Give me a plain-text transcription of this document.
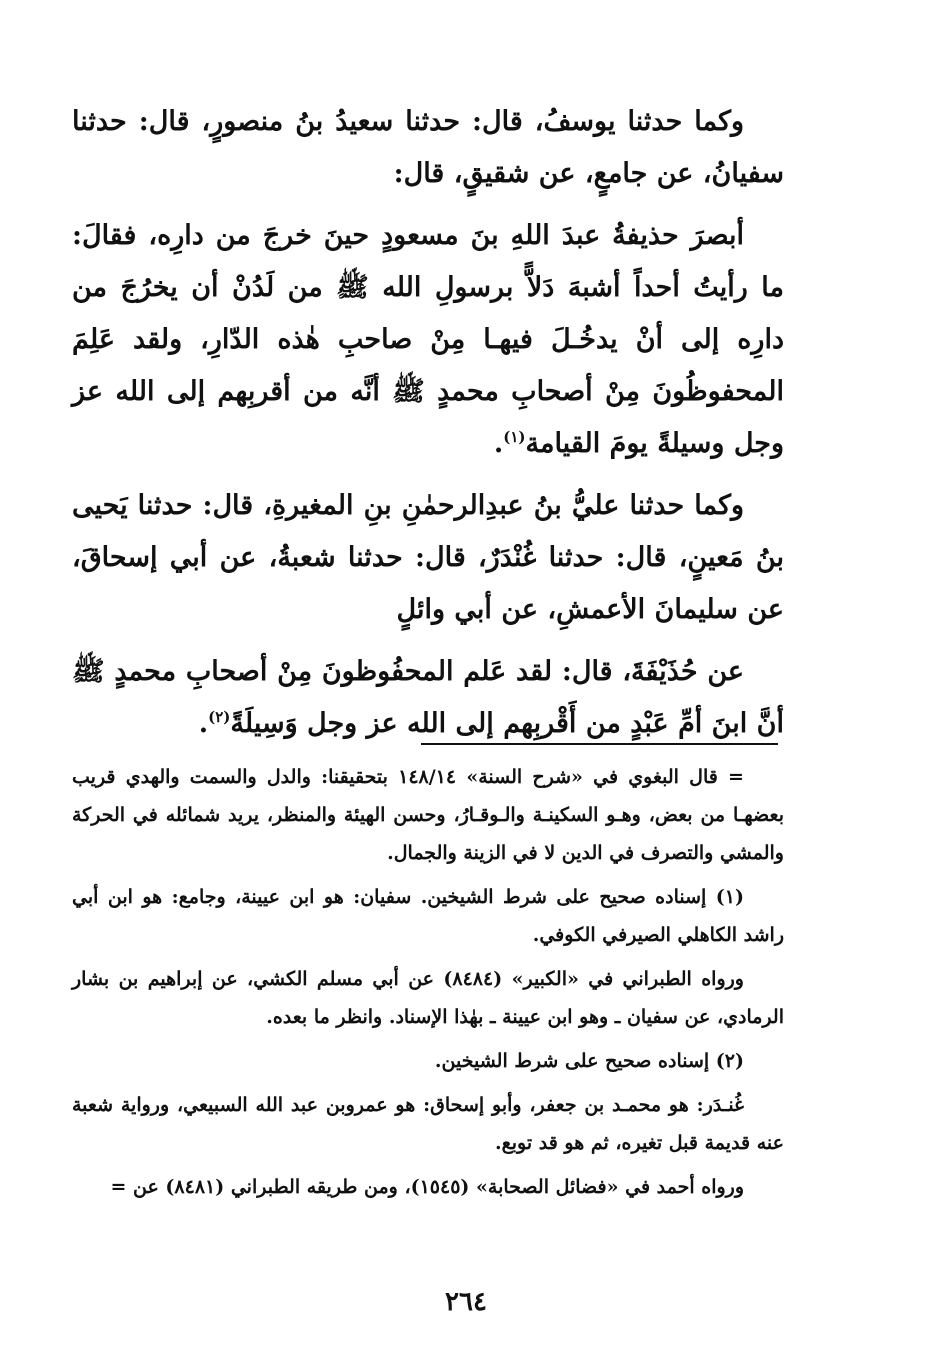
وكما حدثنا يوسفُ، قال: حدثنا سعيدُ بنُ منصورٍ، قال: حدثنا سفيانُ، عن جامعٍ، عن شقيقٍ، قال:

أبصرَ حذيفةُ عبدَ اللهِ بنَ مسعودٍ حينَ خرجَ من دارِه، فقالَ: ما رأيتُ أحداً أشبهَ دَلاًّ برسولِ الله ﷺ من لَدُنْ أن يخرُجَ من دارِه إلى أنْ يدخُـلَ فيهـا مِنْ صاحبِ هٰذه الدّارِ، ولقد عَلِمَ المحفوظُونَ مِنْ أصحابِ محمدٍ ﷺ أنَّه من أقربِهم إلى الله عز وجل وسيلةً يومَ القيامة$^{(١)}$.

وكما حدثنا عليُّ بنُ عبدِالرحمٰنِ بنِ المغيرةِ، قال: حدثنا يَحيى بنُ مَعينٍ، قال: حدثنا غُنْدَرٌ، قال: حدثنا شعبةُ، عن أبي إسحاقَ، عن سليمانَ الأعمشِ، عن أبي وائلٍ

عن حُذَيْفَةَ، قال: لقد عَلم المحفُوظونَ مِنْ أصحابِ محمدٍ ﷺ أنَّ ابنَ أمِّ عَبْدٍ من أَقْربِهم إلى الله عز وجل وَسِيلَةً$^{(٢)}$.

= قال البغوي في «شرح السنة» ١٤٨/١٤ بتحقيقنا: والدل والسمت والهدي قريب بعضهـا من بعض، وهـو السكينـة والـوقـارُ، وحسن الهيئة والمنظر، يريد شمائله في الحركة والمشي والتصرف في الدين لا في الزينة والجمال.

(١) إسناده صحيح على شرط الشيخين. سفيان: هو ابن عيينة، وجامع: هو ابن أبي راشد الكاهلي الصيرفي الكوفي.

ورواه الطبراني في «الكبير» (٨٤٨٤) عن أبي مسلم الكشي، عن إبراهيم بن بشار الرمادي، عن سفيان ـ وهو ابن عيينة ـ بهٰذا الإسناد. وانظر ما بعده.

(٢) إسناده صحيح على شرط الشيخين.

غُنـدَر: هو محمـد بن جعفر، وأبو إسحاق: هو عمروبن عبد الله السبيعي، ورواية شعبة عنه قديمة قبل تغيره، ثم هو قد توبع.

ورواه أحمد في «فضائل الصحابة» (١٥٤٥)، ومن طريقه الطبراني (٨٤٨١) عن =

٢٦٤
